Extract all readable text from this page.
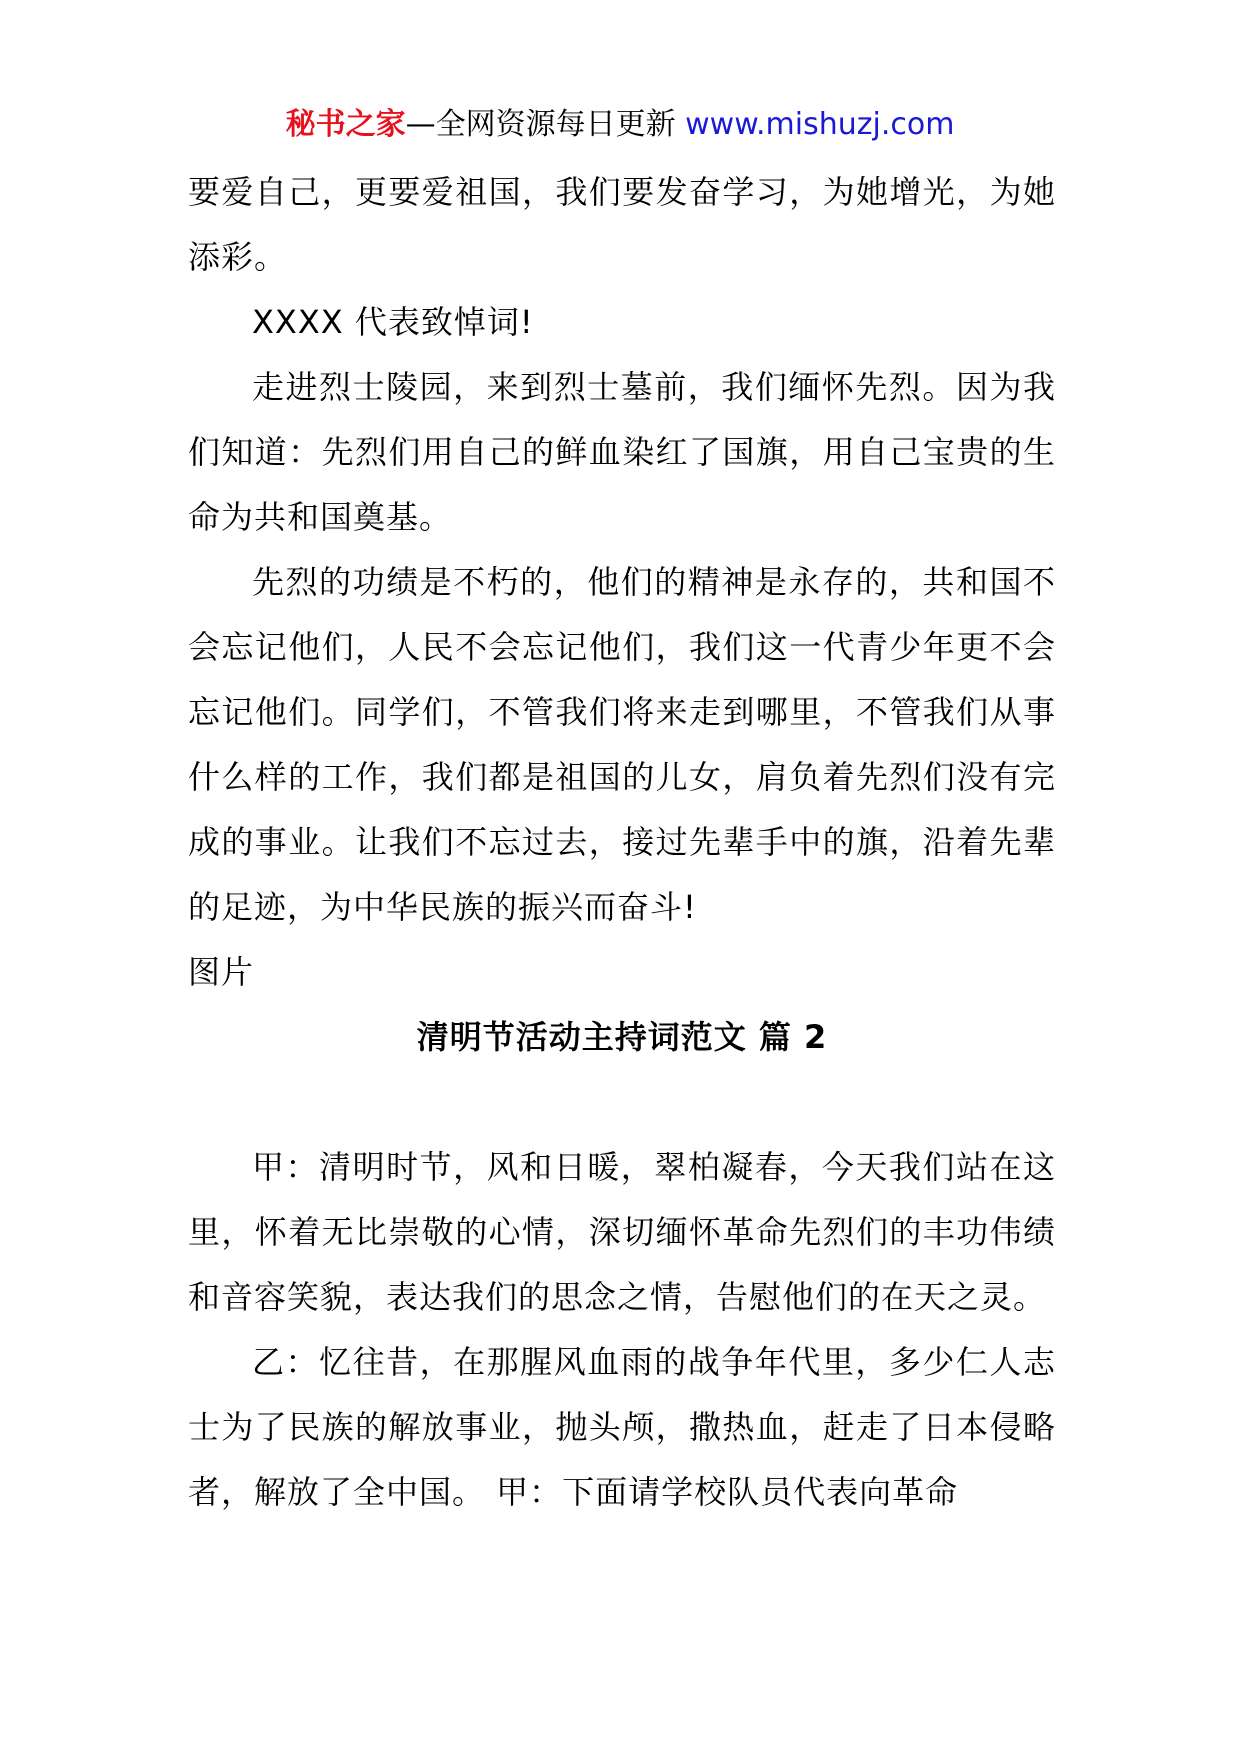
秘书之家—全网资源每日更新 www.mishuzj.com

要爱自己，更要爱祖国，我们要发奋学习，为她增光，为她添彩。

XXXX 代表致悼词!

走进烈士陵园，来到烈士墓前，我们缅怀先烈。因为我们知道：先烈们用自己的鲜血染红了国旗，用自己宝贵的生命为共和国奠基。

先烈的功绩是不朽的，他们的精神是永存的，共和国不会忘记他们，人民不会忘记他们，我们这一代青少年更不会忘记他们。同学们，不管我们将来走到哪里，不管我们从事什么样的工作，我们都是祖国的儿女，肩负着先烈们没有完成的事业。让我们不忘过去，接过先辈手中的旗，沿着先辈的足迹，为中华民族的振兴而奋斗!

图片

清明节活动主持词范文 篇 2

甲：清明时节，风和日暖，翠柏凝春，今天我们站在这里，怀着无比崇敬的心情，深切缅怀革命先烈们的丰功伟绩和音容笑貌，表达我们的思念之情，告慰他们的在天之灵。

乙：忆往昔，在那腥风血雨的战争年代里，多少仁人志士为了民族的解放事业，抛头颅，撒热血，赶走了日本侵略者，解放了全中国。 甲：下面请学校队员代表向革命
